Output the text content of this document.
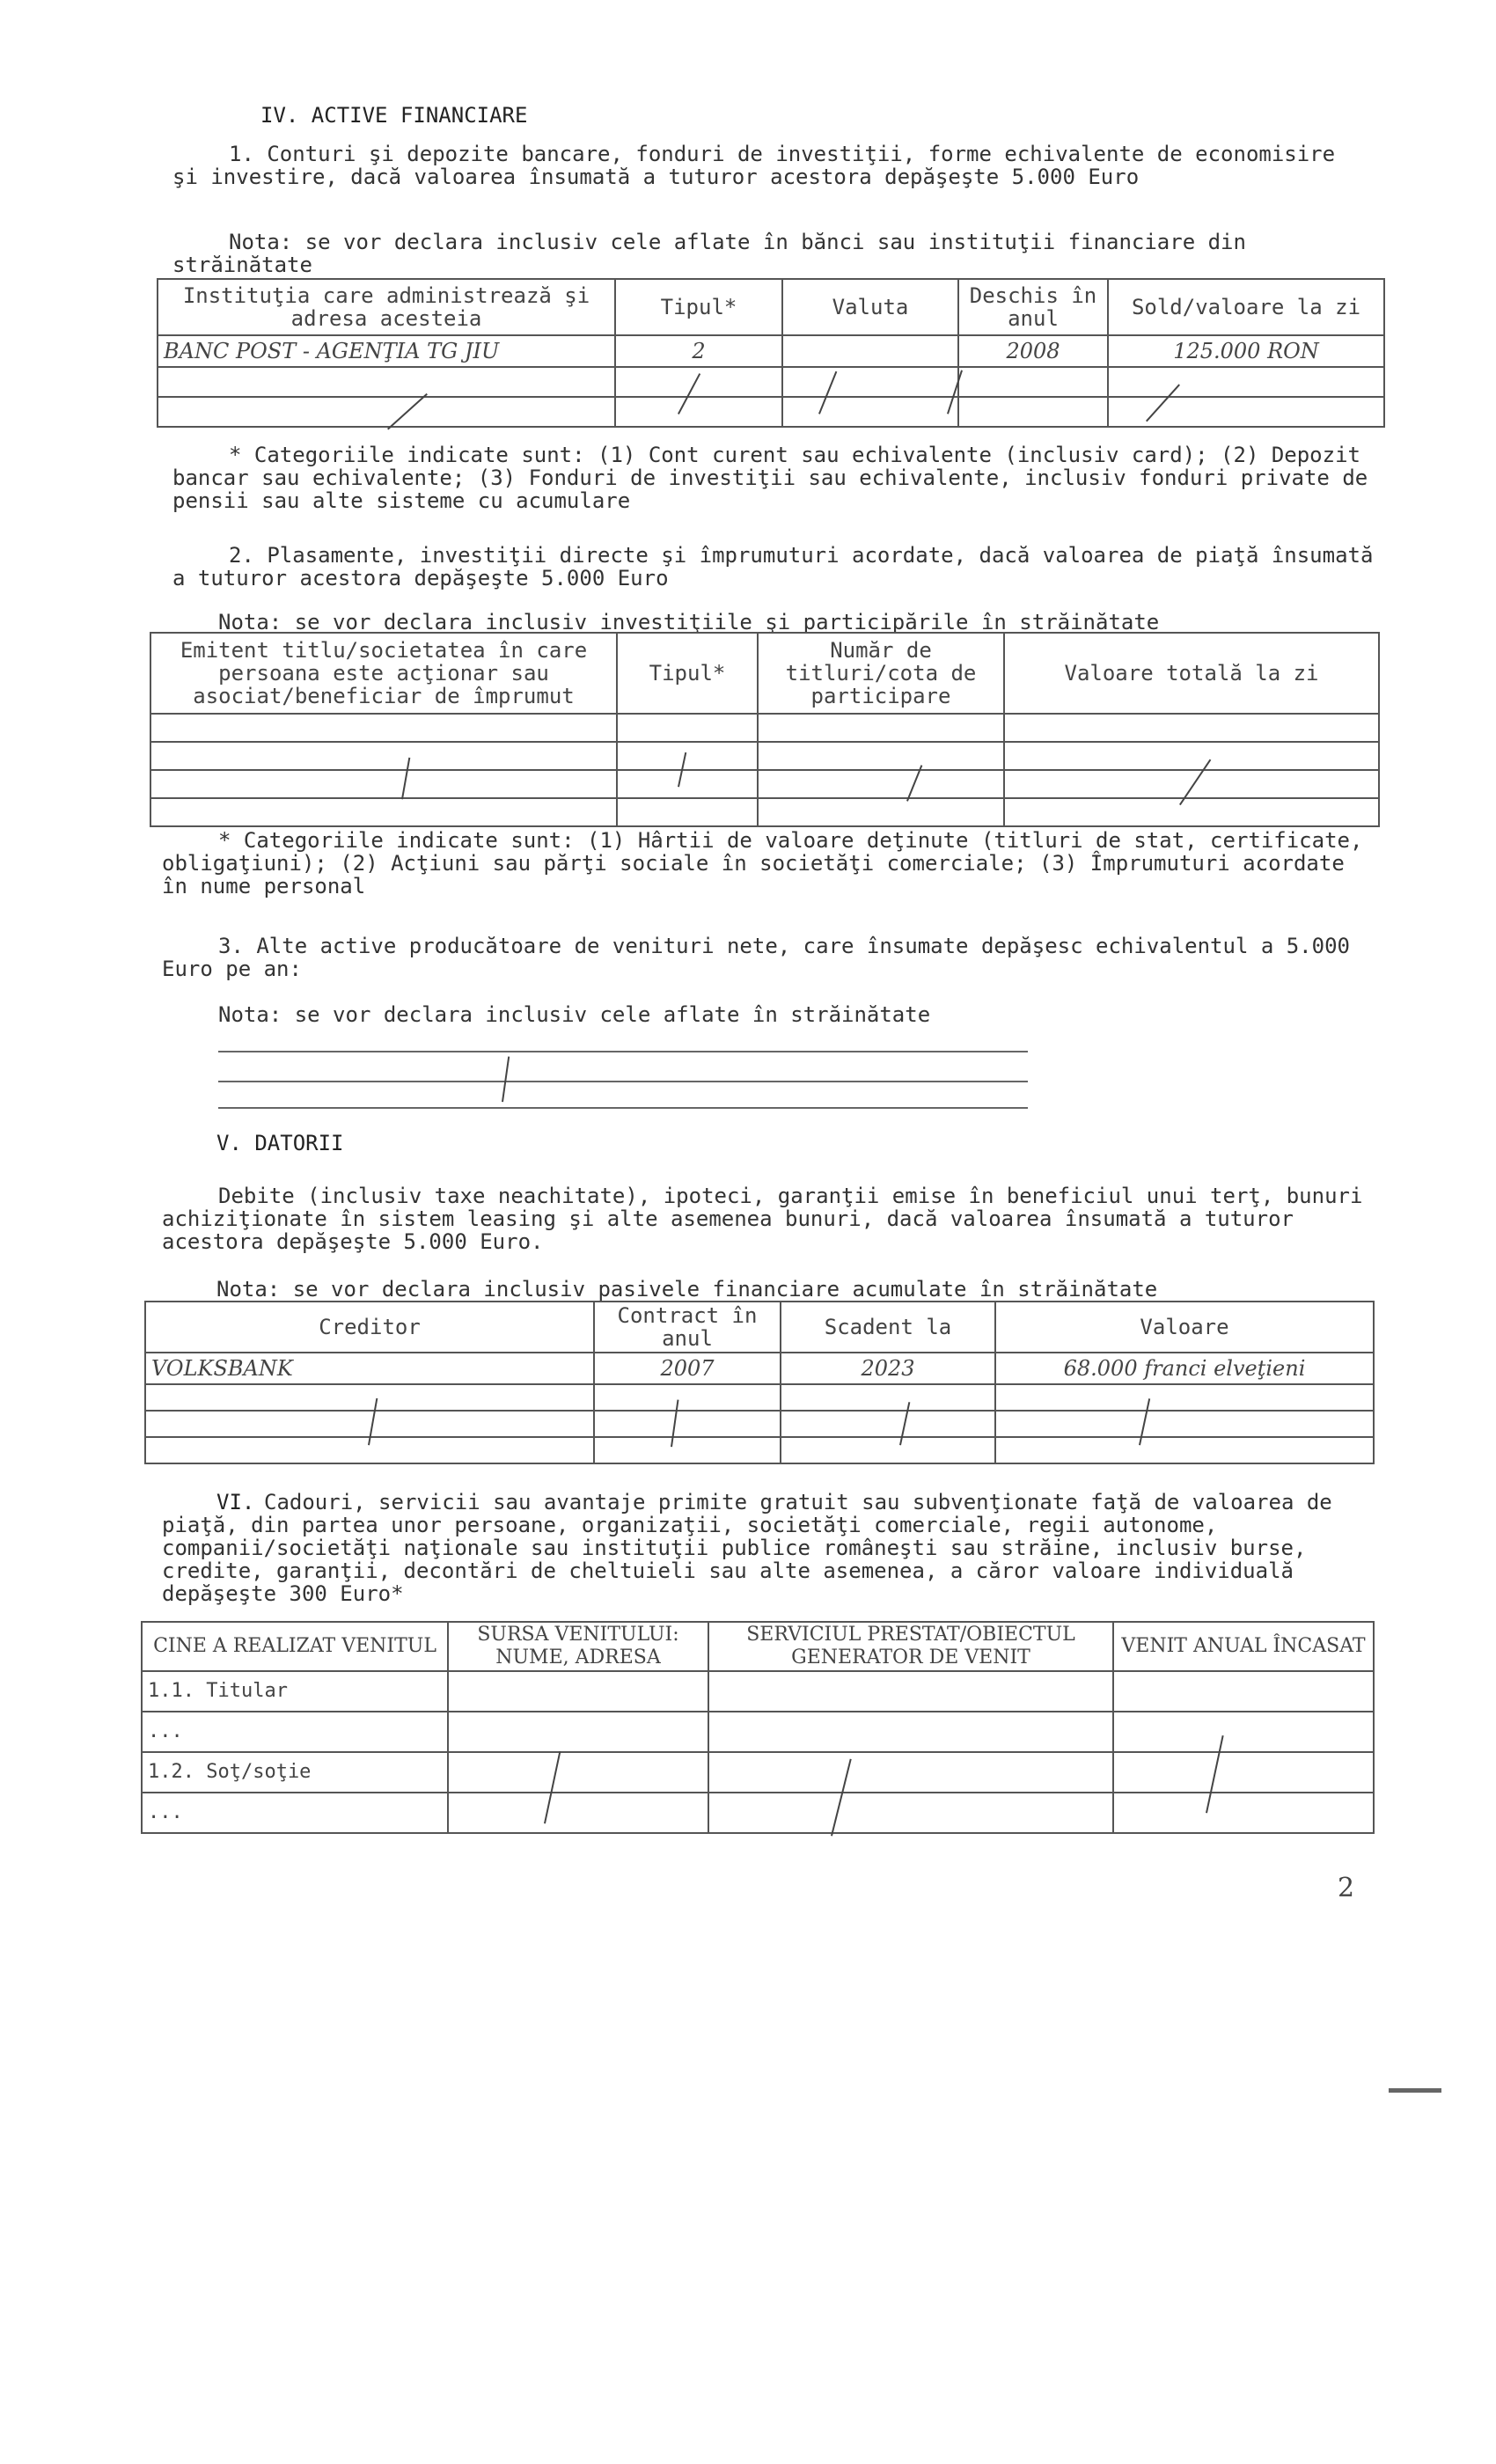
IV. ACTIVE FINANCIARE
1. Conturi şi depozite bancare, fonduri de investiţii, forme echivalente de economisire şi investire, dacă valoarea însumată a tuturor acestora depăşeşte 5.000 Euro
Nota: se vor declara inclusiv cele aflate în bănci sau instituţii financiare din străinătate
Instituţia care administrează şi adresa acesteia	Tipul*	Valuta	Deschis în anul	Sold/valoare la zi
BANC POST - AGENŢIA TG JIU	2		2008	125.000 RON

* Categoriile indicate sunt: (1) Cont curent sau echivalente (inclusiv card); (2) Depozit bancar sau echivalente; (3) Fonduri de investiţii sau echivalente, inclusiv fonduri private de pensii sau alte sisteme cu acumulare
2. Plasamente, investiţii directe şi împrumuturi acordate, dacă valoarea de piaţă însumată a tuturor acestora depăşeşte 5.000 Euro
Nota: se vor declara inclusiv investiţiile şi participările în străinătate
Emitent titlu/societatea în care persoana este acţionar sau asociat/beneficiar de împrumut	Tipul*	Număr de titluri/cota de participare	Valoare totală la zi

* Categoriile indicate sunt: (1) Hârtii de valoare deţinute (titluri de stat, certificate, obligaţiuni); (2) Acţiuni sau părţi sociale în societăţi comerciale; (3) Împrumuturi acordate în nume personal
3. Alte active producătoare de venituri nete, care însumate depăşesc echivalentul a 5.000 Euro pe an:
Nota: se vor declara inclusiv cele aflate în străinătate
V. DATORII
Debite (inclusiv taxe neachitate), ipoteci, garanţii emise în beneficiul unui terţ, bunuri achiziţionate în sistem leasing şi alte asemenea bunuri, dacă valoarea însumată a tuturor acestora depăşeşte 5.000 Euro.
Nota: se vor declara inclusiv pasivele financiare acumulate în străinătate
Creditor	Contract în anul	Scadent la	Valoare
VOLKSBANK	2007	2023	68.000 franci elveţieni

VI. Cadouri, servicii sau avantaje primite gratuit sau subvenţionate faţă de valoarea de piaţă, din partea unor persoane, organizaţii, societăţi comerciale, regii autonome, companii/societăţi naţionale sau instituţii publice româneşti sau străine, inclusiv burse, credite, garanţii, decontări de cheltuieli sau alte asemenea, a căror valoare individuală depăşeşte 300 Euro*
CINE A REALIZAT VENITUL	SURSA VENITULUI: NUME, ADRESA	SERVICIUL PRESTAT/OBIECTUL GENERATOR DE VENIT	VENIT ANUAL ÎNCASAT
1.1. Titular			
...			
1.2. Soţ/soţie			
...			
2
